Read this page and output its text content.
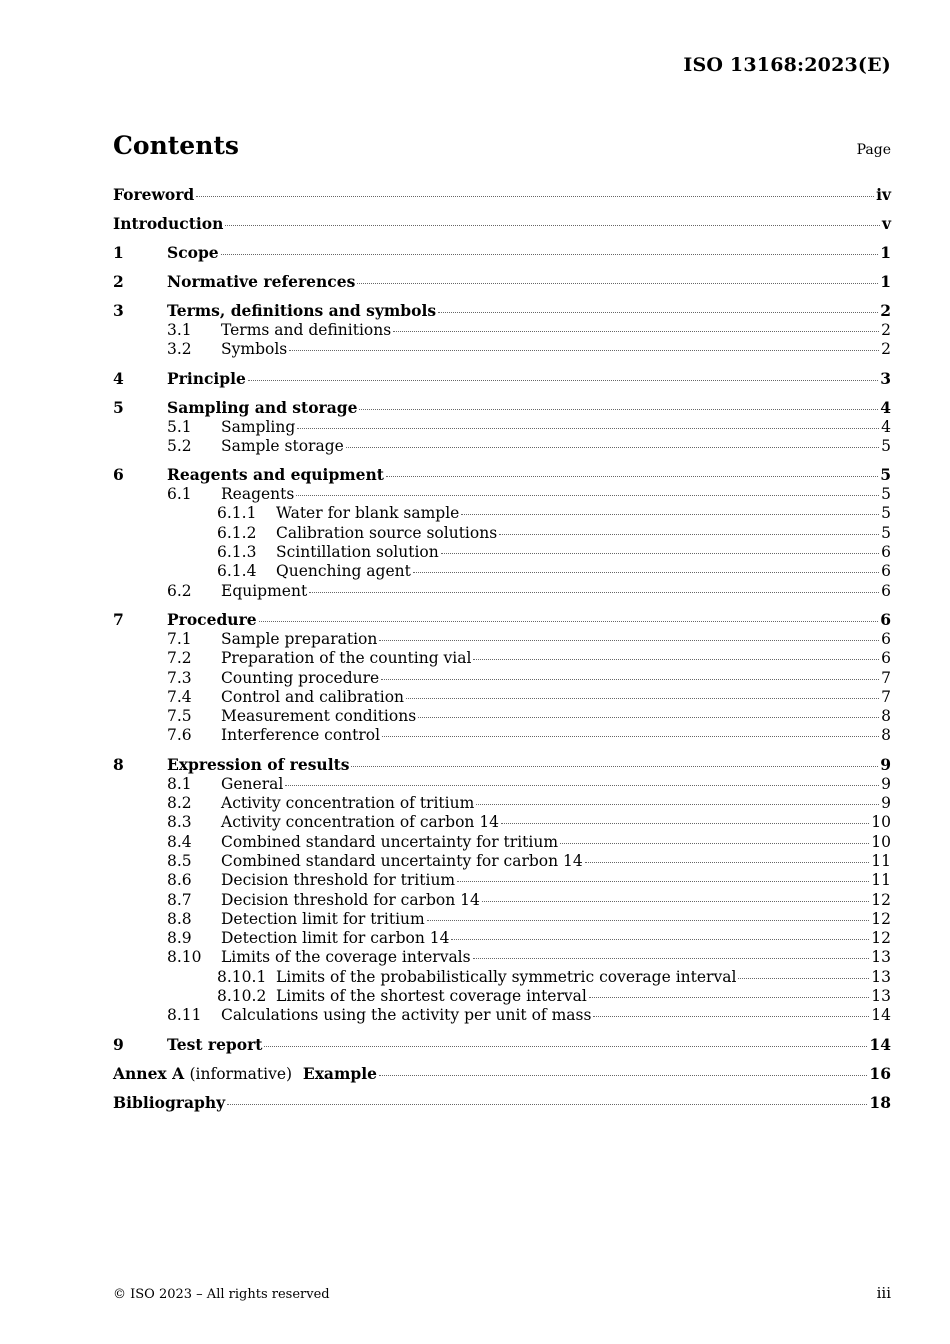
ISO 13168:2023(E)
Contents	Page
Foreword	iv
Introduction	v
1	Scope	1
2	Normative references	1
3	Terms, definitions and symbols	2
3.1	Terms and definitions	2
3.2	Symbols	2
4	Principle	3
5	Sampling and storage	4
5.1	Sampling	4
5.2	Sample storage	5
6	Reagents and equipment	5
6.1	Reagents	5
6.1.1	Water for blank sample	5
6.1.2	Calibration source solutions	5
6.1.3	Scintillation solution	6
6.1.4	Quenching agent	6
6.2	Equipment	6
7	Procedure	6
7.1	Sample preparation	6
7.2	Preparation of the counting vial	6
7.3	Counting procedure	7
7.4	Control and calibration	7
7.5	Measurement conditions	8
7.6	Interference control	8
8	Expression of results	9
8.1	General	9
8.2	Activity concentration of tritium	9
8.3	Activity concentration of carbon 14	10
8.4	Combined standard uncertainty for tritium	10
8.5	Combined standard uncertainty for carbon 14	11
8.6	Decision threshold for tritium	11
8.7	Decision threshold for carbon 14	12
8.8	Detection limit for tritium	12
8.9	Detection limit for carbon 14	12
8.10	Limits of the coverage intervals	13
8.10.1 Limits of the probabilistically symmetric coverage interval	13
8.10.2 Limits of the shortest coverage interval	13
8.11	Calculations using the activity per unit of mass	14
9	Test report	14
Annex A (informative) Example	16
Bibliography	18
© ISO 2023 – All rights reserved	iii
